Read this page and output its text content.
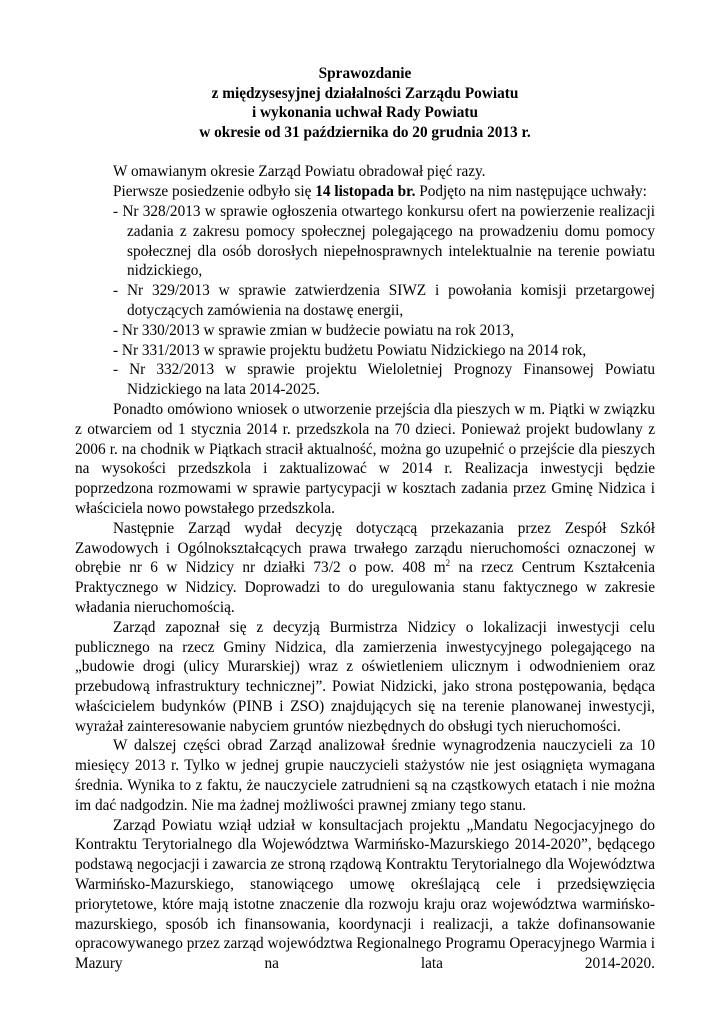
Sprawozdanie
z międzysesyjnej działalności Zarządu Powiatu
i wykonania uchwał Rady Powiatu
w okresie od 31 października do 20 grudnia 2013 r.

W omawianym okresie Zarząd Powiatu obradował pięć razy.

Pierwsze posiedzenie odbyło się 14 listopada br. Podjęto na nim następujące uchwały:

- Nr 328/2013 w sprawie ogłoszenia otwartego konkursu ofert na powierzenie realizacji zadania z zakresu pomocy społecznej polegającego na prowadzeniu domu pomocy społecznej dla osób dorosłych niepełnosprawnych intelektualnie na terenie powiatu nidzickiego,
- Nr 329/2013 w sprawie zatwierdzenia SIWZ i powołania komisji przetargowej dotyczących zamówienia na dostawę energii,
- Nr 330/2013 w sprawie zmian w budżecie powiatu na rok 2013,
- Nr 331/2013 w sprawie projektu budżetu Powiatu Nidzickiego na 2014 rok,
- Nr 332/2013 w sprawie projektu Wieloletniej Prognozy Finansowej Powiatu Nidzickiego na lata 2014-2025.

Ponadto omówiono wniosek o utworzenie przejścia dla pieszych w m. Piątki w związku z otwarciem od 1 stycznia 2014 r. przedszkola na 70 dzieci. Ponieważ projekt budowlany z 2006 r. na chodnik w Piątkach stracił aktualność, można go uzupełnić o przejście dla pieszych na wysokości przedszkola i zaktualizować w 2014 r. Realizacja inwestycji będzie poprzedzona rozmowami w sprawie partycypacji w kosztach zadania przez Gminę Nidzica i właściciela nowo powstałego przedszkola.

Następnie Zarząd wydał decyzję dotyczącą przekazania przez Zespół Szkół Zawodowych i Ogólnokształcących prawa trwałego zarządu nieruchomości oznaczonej w obrębie nr 6 w Nidzicy nr działki 73/2 o pow. 408 $m^2$ na rzecz Centrum Kształcenia Praktycznego w Nidzicy. Doprowadzi to do uregulowania stanu faktycznego w zakresie władania nieruchomością.

Zarząd zapoznał się z decyzją Burmistrza Nidzicy o lokalizacji inwestycji celu publicznego na rzecz Gminy Nidzica, dla zamierzenia inwestycyjnego polegającego na „budowie drogi (ulicy Murarskiej) wraz z oświetleniem ulicznym i odwodnieniem oraz przebudową infrastruktury technicznej”. Powiat Nidzicki, jako strona postępowania, będąca właścicielem budynków (PINB i ZSO) znajdujących się na terenie planowanej inwestycji, wyrażał zainteresowanie nabyciem gruntów niezbędnych do obsługi tych nieruchomości.

W dalszej części obrad Zarząd analizował średnie wynagrodzenia nauczycieli za 10 miesięcy 2013 r. Tylko w jednej grupie nauczycieli stażystów nie jest osiągnięta wymagana średnia. Wynika to z faktu, że nauczyciele zatrudnieni są na cząstkowych etatach i nie można im dać nadgodzin. Nie ma żadnej możliwości prawnej zmiany tego stanu.

Zarząd Powiatu wziął udział w konsultacjach projektu „Mandatu Negocjacyjnego do Kontraktu Terytorialnego dla Województwa Warmińsko-Mazurskiego 2014-2020”, będącego podstawą negocjacji i zawarcia ze stroną rządową Kontraktu Terytorialnego dla Województwa Warmińsko-Mazurskiego, stanowiącego umowę określającą cele i przedsięwzięcia priorytetowe, które mają istotne znaczenie dla rozwoju kraju oraz województwa warmińsko-mazurskiego, sposób ich finansowania, koordynacji i realizacji, a także dofinansowanie opracowywanego przez zarząd województwa Regionalnego Programu Operacyjnego Warmia i Mazury na lata 2014-2020.
